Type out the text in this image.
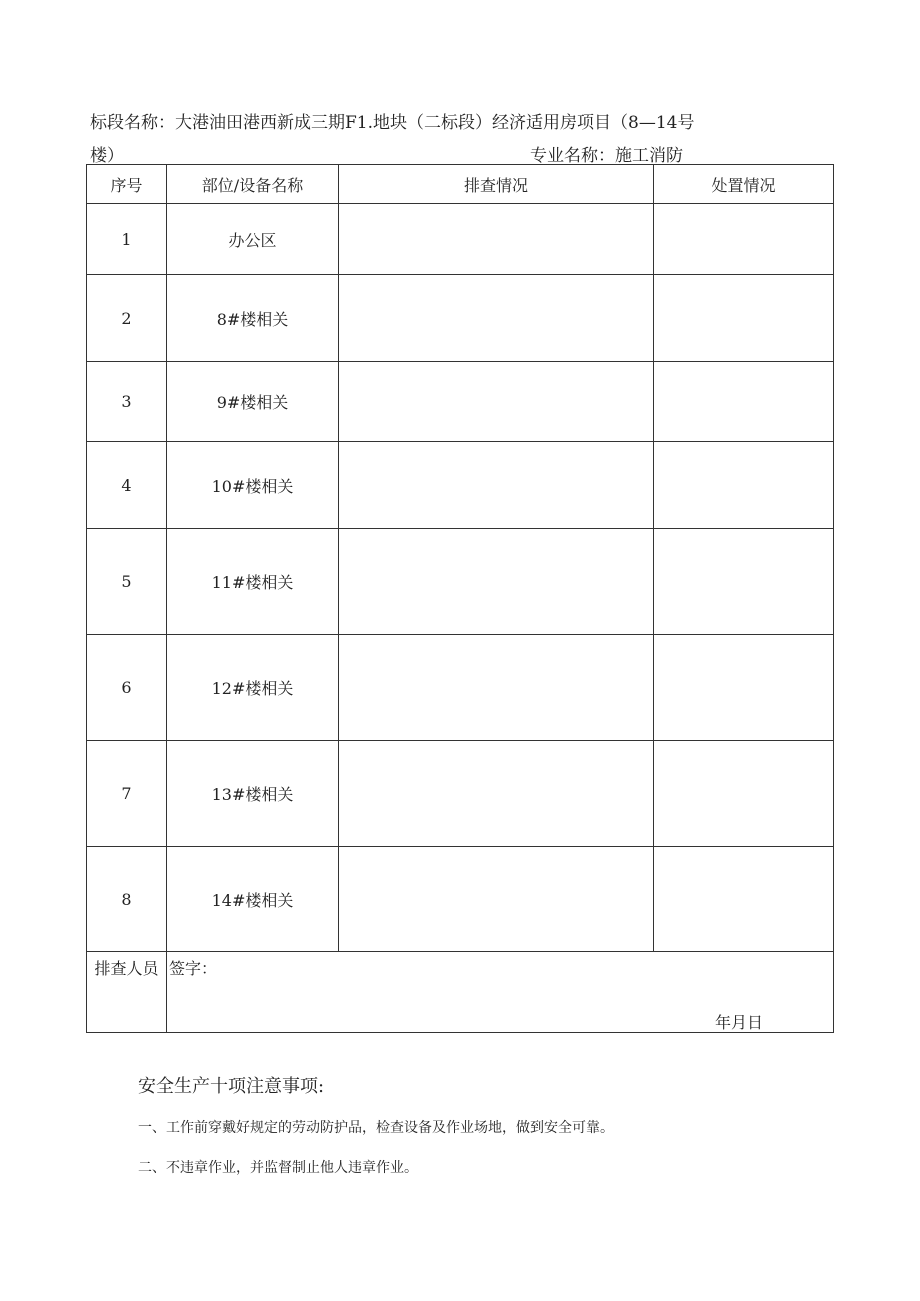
标段名称：大港油田港西新成三期F1.地块（二标段）经济适用房项目（8—14号
楼）	专业名称：施工消防
序号	部位/设备名称	排查情况	处置情况
1	办公区		
2	8#楼相关		
3	9#楼相关		
4	10#楼相关		
5	11#楼相关		
6	12#楼相关		
7	13#楼相关		
8	14#楼相关		
排查人员	签字：
年月日		
安全生产十项注意事项:
一、工作前穿戴好规定的劳动防护品，检查设备及作业场地，做到安全可靠。
二、不违章作业，并监督制止他人违章作业。
